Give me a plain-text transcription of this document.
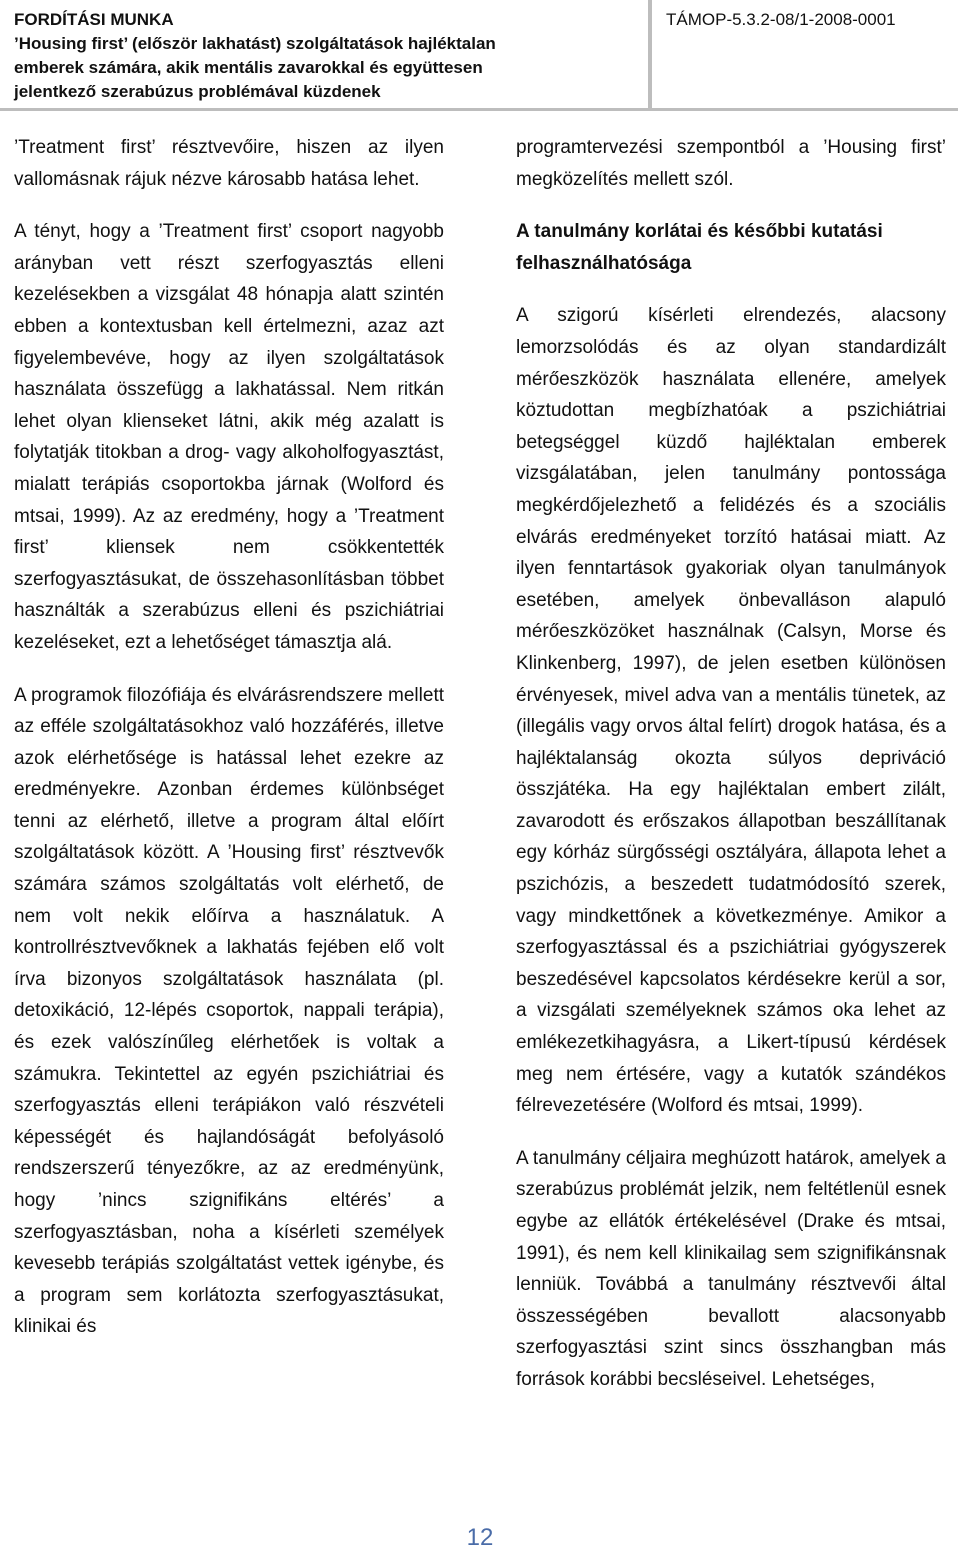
FORDÍTÁSI MUNKA
’Housing first’ (először lakhatást) szolgáltatások hajléktalan
emberek számára, akik mentális zavarokkal és együttesen
jelentkező szerabúzus problémával küzdenek
TÁMOP-5.3.2-08/1-2008-0001

’Treatment first’ résztvevőire, hiszen az ilyen vallomásnak rájuk nézve károsabb hatása lehet.

A tényt, hogy a ’Treatment first’ csoport nagyobb arányban vett részt szerfogyasztás elleni kezelésekben a vizsgálat 48 hónapja alatt szintén ebben a kontextusban kell értelmezni, azaz azt figyelembevéve, hogy az ilyen szolgáltatások használata összefügg a lakhatással. Nem ritkán lehet olyan klienseket látni, akik még azalatt is folytatják titokban a drog- vagy alkoholfogyasztást, mialatt terápiás csoportokba járnak (Wolford és mtsai, 1999). Az az eredmény, hogy a ’Treatment first’ kliensek nem csökkentették szerfogyasztásukat, de összehasonlításban többet használták a szerabúzus elleni és pszichiátriai kezeléseket, ezt a lehetőséget támasztja alá.

A programok filozófiája és elvárásrendszere mellett az efféle szolgáltatásokhoz való hozzáférés, illetve azok elérhetősége is hatással lehet ezekre az eredményekre. Azonban érdemes különbséget tenni az elérhető, illetve a program által előírt szolgáltatások között. A ’Housing first’ résztvevők számára számos szolgáltatás volt elérhető, de nem volt nekik előírva a használatuk. A kontrollrésztvevőknek a lakhatás fejében elő volt írva bizonyos szolgáltatások használata (pl. detoxikáció, 12-lépés csoportok, nappali terápia), és ezek valószínűleg elérhetőek is voltak a számukra. Tekintettel az egyén pszichiátriai és szerfogyasztás elleni terápiákon való részvételi képességét és hajlandóságát befolyásoló rendszerszerű tényezőkre, az az eredményünk, hogy ’nincs szignifikáns eltérés’ a szerfogyasztásban, noha a kísérleti személyek kevesebb terápiás szolgáltatást vettek igénybe, és a program sem korlátozta szerfogyasztásukat, klinikai és

programtervezési szempontból a ’Housing first’ megközelítés mellett szól.

A tanulmány korlátai és későbbi kutatási felhasználhatósága

A szigorú kísérleti elrendezés, alacsony lemorzsolódás és az olyan standardizált mérőeszközök használata ellenére, amelyek köztudottan megbízhatóak a pszichiátriai betegséggel küzdő hajléktalan emberek vizsgálatában, jelen tanulmány pontossága megkérdőjelezhető a felidézés és a szociális elvárás eredményeket torzító hatásai miatt. Az ilyen fenntartások gyakoriak olyan tanulmányok esetében, amelyek önbevalláson alapuló mérőeszközöket használnak (Calsyn, Morse és Klinkenberg, 1997), de jelen esetben különösen érvényesek, mivel adva van a mentális tünetek, az (illegális vagy orvos által felírt) drogok hatása, és a hajléktalanság okozta súlyos depriváció összjátéka. Ha egy hajléktalan embert zilált, zavarodott és erőszakos állapotban beszállítanak egy kórház sürgősségi osztályára, állapota lehet a pszichózis, a beszedett tudatmódosító szerek, vagy mindkettőnek a következménye. Amikor a szerfogyasztással és a pszichiátriai gyógyszerek beszedésével kapcsolatos kérdésekre kerül a sor, a vizsgálati személyeknek számos oka lehet az emlékezetkihagyásra, a Likert-típusú kérdések meg nem értésére, vagy a kutatók szándékos félrevezetésére (Wolford és mtsai, 1999).

A tanulmány céljaira meghúzott határok, amelyek a szerabúzus problémát jelzik, nem feltétlenül esnek egybe az ellátók értékelésével (Drake és mtsai, 1991), és nem kell klinikailag sem szignifikánsnak lenniük. Továbbá a tanulmány résztvevői által összességében bevallott alacsonyabb szerfogyasztási szint sincs összhangban más források korábbi becsléseivel. Lehetséges,

12
